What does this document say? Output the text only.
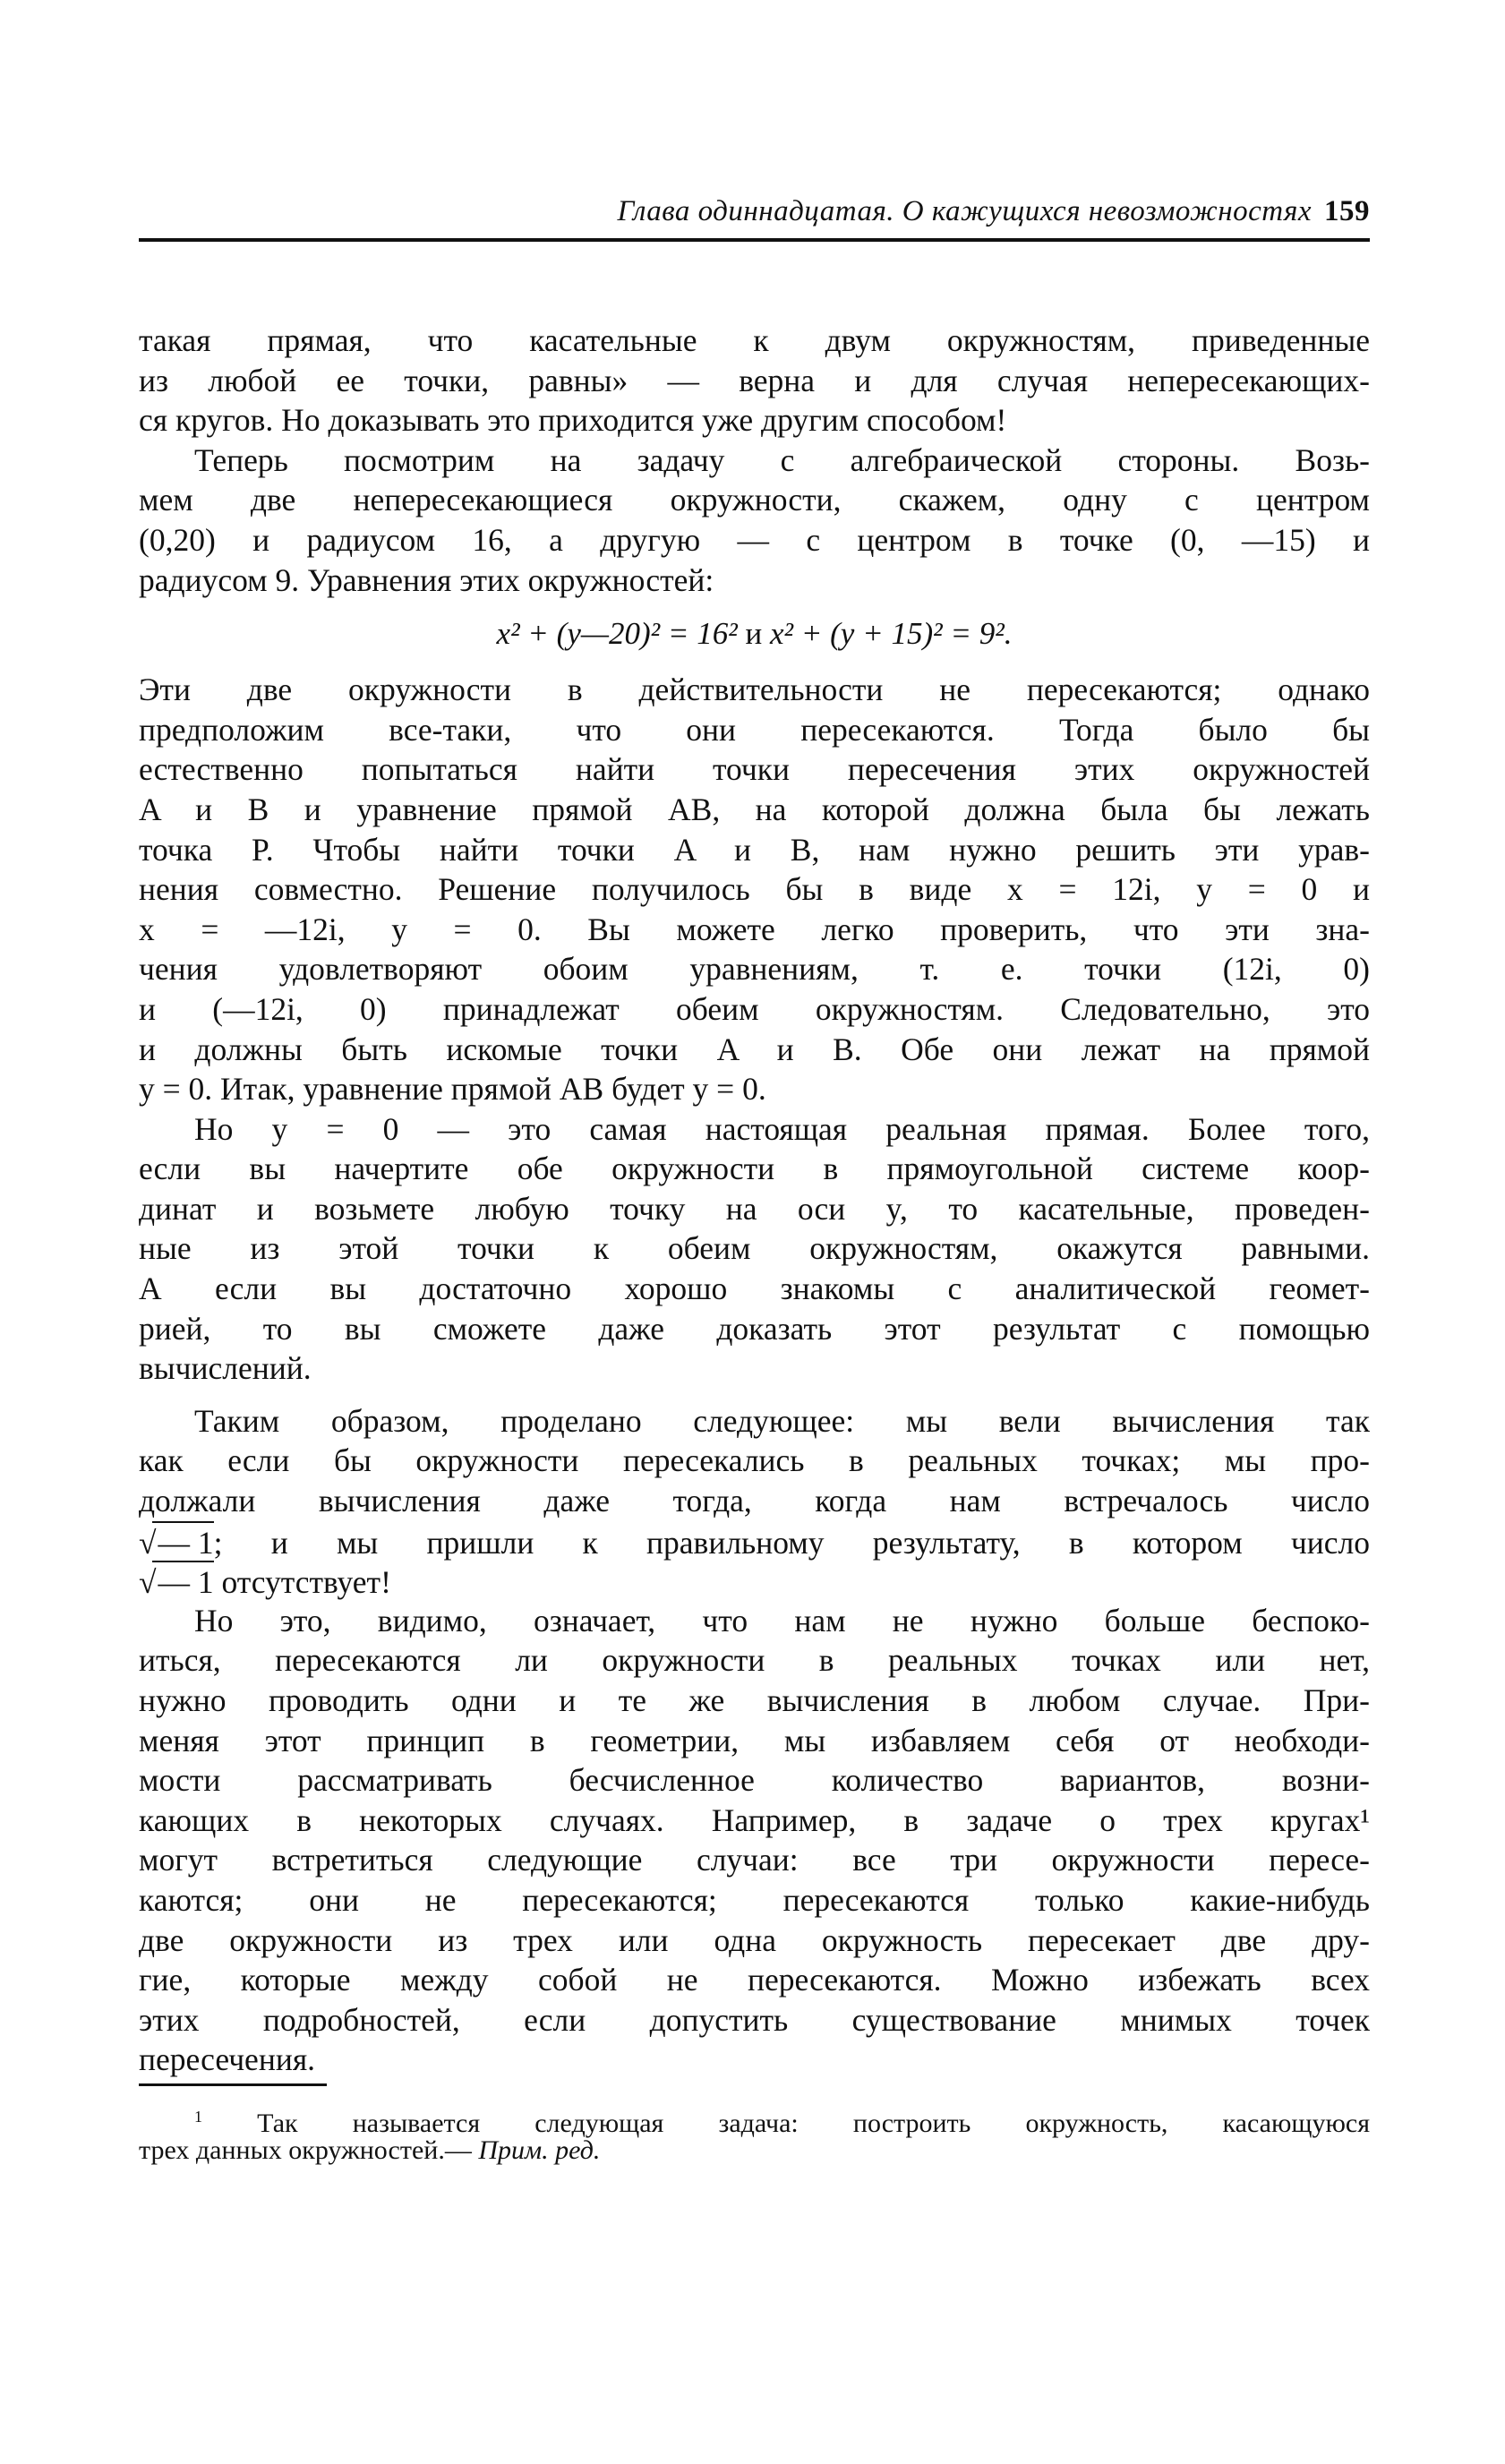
Глава одиннадцатая. О кажущихся невозможностях 159
такая прямая, что касательные к двум окружностям, приведенные
из любой ее точки, равны» — верна и для случая непересекающих-
ся кругов. Но доказывать это приходится уже другим способом!
Теперь посмотрим на задачу с алгебраической стороны. Возь-
мем две непересекающиеся окружности, скажем, одну с центром
(0,20) и радиусом 16, а другую — с центром в точке (0, —15) и
радиусом 9. Уравнения этих окружностей:
x² + (y—20)² = 16² и x² + (y + 15)² = 9².
Эти две окружности в действительности не пересекаются; однако
предположим все-таки, что они пересекаются. Тогда было бы
естественно попытаться найти точки пересечения этих окружностей
A и B и уравнение прямой AB, на которой должна была бы лежать
точка P. Чтобы найти точки A и B, нам нужно решить эти урав-
нения совместно. Решение получилось бы в виде x = 12i, y = 0 и
x = —12i, y = 0. Вы можете легко проверить, что эти зна-
чения удовлетворяют обоим уравнениям, т. е. точки (12i, 0)
и (—12i, 0) принадлежат обеим окружностям. Следовательно, это
и должны быть искомые точки A и B. Обе они лежат на прямой
y = 0. Итак, уравнение прямой AB будет y = 0.
Но y = 0 — это самая настоящая реальная прямая. Более того,
если вы начертите обе окружности в прямоугольной системе коор-
динат и возьмете любую точку на оси y, то касательные, проведен-
ные из этой точки к обеим окружностям, окажутся равными.
А если вы достаточно хорошо знакомы с аналитической геомет-
рией, то вы сможете даже доказать этот результат с помощью
вычислений.
Таким образом, проделано следующее: мы вели вычисления так
как если бы окружности пересекались в реальных точках; мы про-
должали вычисления даже тогда, когда нам встречалось число
√— 1; и мы пришли к правильному результату, в котором число
√— 1 отсутствует!
Но это, видимо, означает, что нам не нужно больше беспоко-
иться, пересекаются ли окружности в реальных точках или нет,
нужно проводить одни и те же вычисления в любом случае. При-
меняя этот принцип в геометрии, мы избавляем себя от необходи-
мости рассматривать бесчисленное количество вариантов, возни-
кающих в некоторых случаях. Например, в задаче о трех кругах¹
могут встретиться следующие случаи: все три окружности пересе-
каются; они не пересекаются; пересекаются только какие-нибудь
две окружности из трех или одна окружность пересекает две дру-
гие, которые между собой не пересекаются. Можно избежать всех
этих подробностей, если допустить существование мнимых точек
пересечения.
$^1$ Так называется следующая задача: построить окружность, касающуюся
трех данных окружностей.— Прим. ред.
